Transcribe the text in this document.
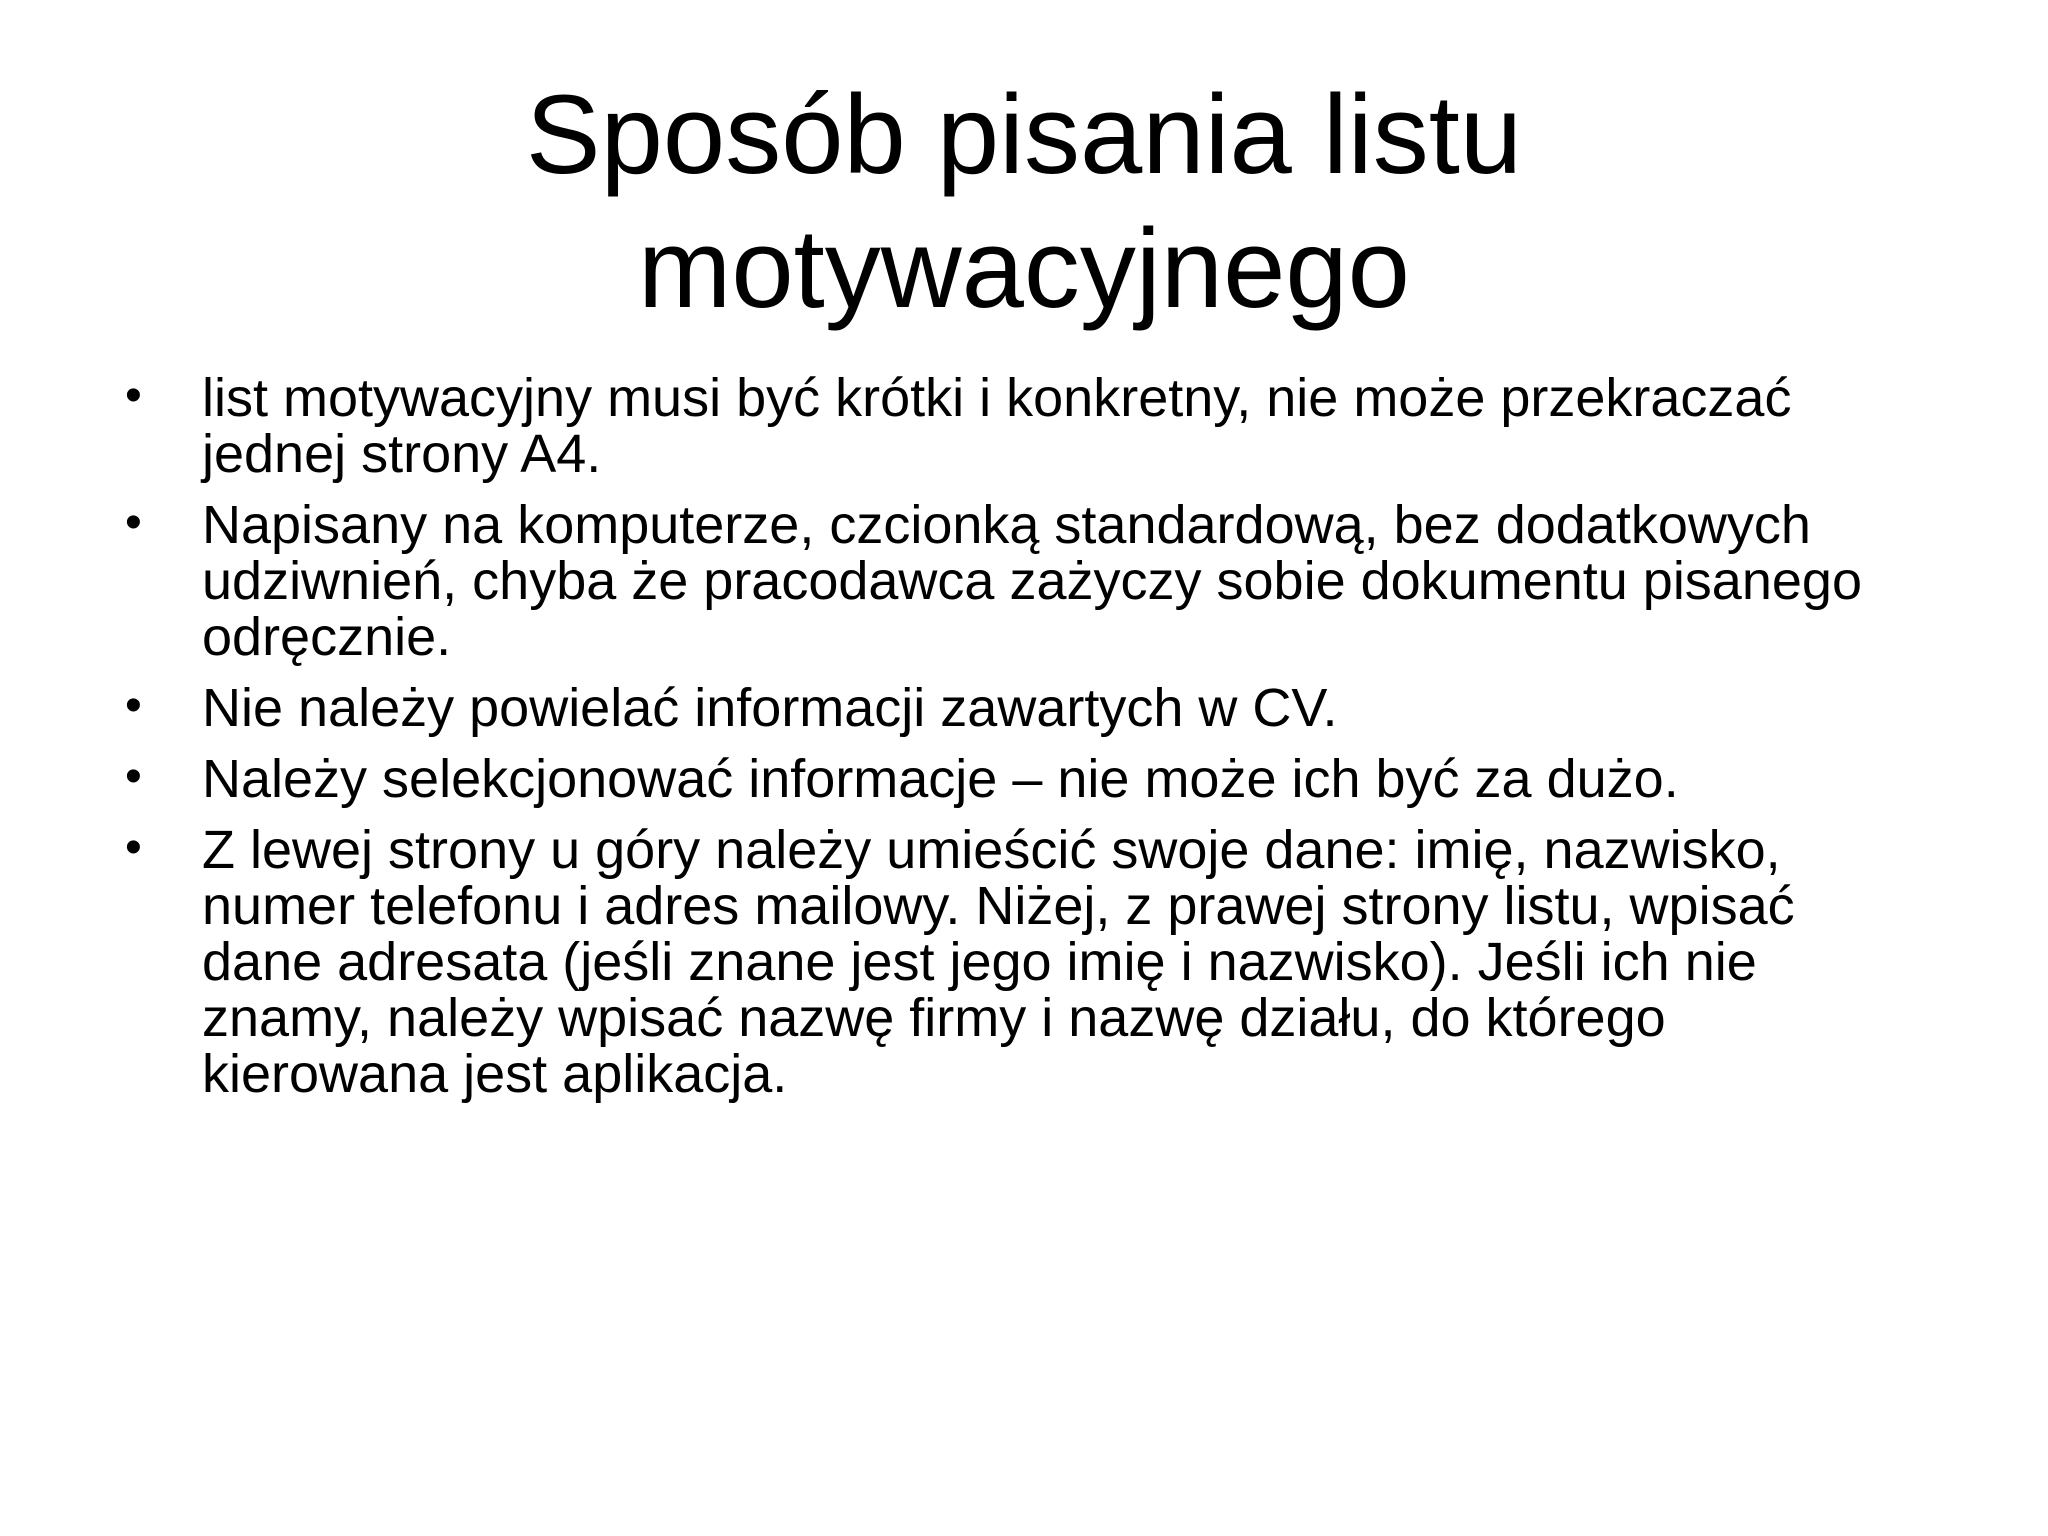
Sposób pisania listu motywacyjnego
• list motywacyjny musi być krótki i konkretny, nie może przekraczać jednej strony A4.
• Napisany na komputerze, czcionką standardową, bez dodatkowych udziwnień, chyba że pracodawca zażyczy sobie dokumentu pisanego odręcznie.
• Nie należy powielać informacji zawartych w CV.
• Należy selekcjonować informacje – nie może ich być za dużo.
• Z lewej strony u góry należy umieścić swoje dane: imię, nazwisko, numer telefonu i adres mailowy. Niżej, z prawej strony listu, wpisać dane adresata (jeśli znane jest jego imię i nazwisko). Jeśli ich nie znamy, należy wpisać nazwę firmy i nazwę działu, do którego kierowana jest aplikacja.
